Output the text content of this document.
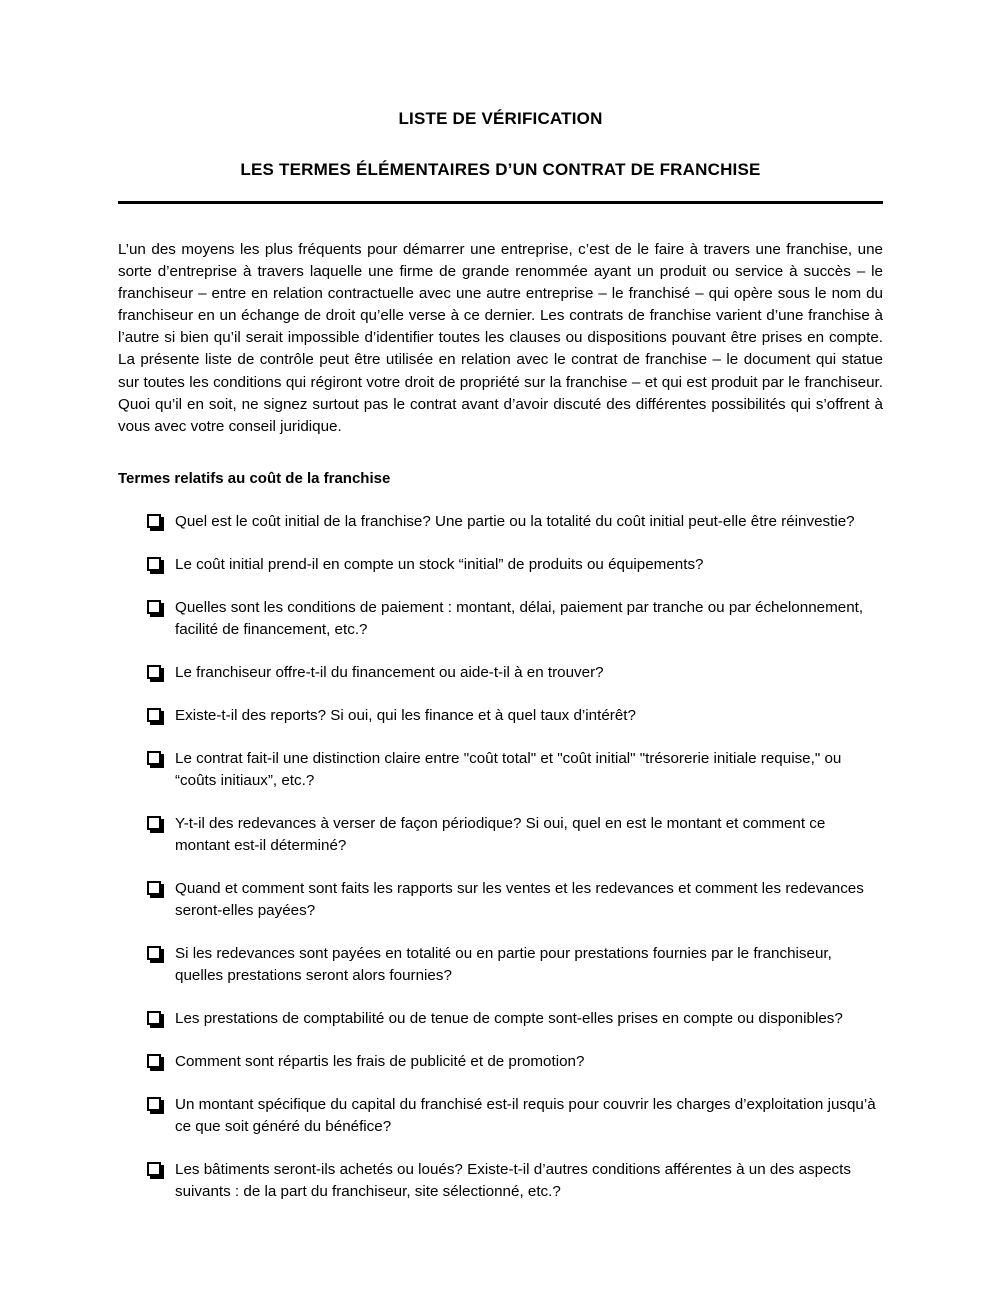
LISTE DE VÉRIFICATION
LES TERMES ÉLÉMENTAIRES D’UN CONTRAT DE FRANCHISE

L’un des moyens les plus fréquents pour démarrer une entreprise, c’est de le faire à travers une franchise, une sorte d’entreprise à travers laquelle une firme de grande renommée ayant un produit ou service à succès – le franchiseur – entre en relation contractuelle avec une autre entreprise – le franchisé – qui opère sous le nom du franchiseur en un échange de droit qu’elle verse à ce dernier. Les contrats de franchise varient d’une franchise à l’autre si bien qu’il serait impossible d’identifier toutes les clauses ou dispositions pouvant être prises en compte. La présente liste de contrôle peut être utilisée en relation avec le contrat de franchise – le document qui statue sur toutes les conditions qui régiront votre droit de propriété sur la franchise – et qui est produit par le franchiseur. Quoi qu’il en soit, ne signez surtout pas le contrat avant d’avoir discuté des différentes possibilités qui s’offrent à vous avec votre conseil juridique.

Termes relatifs au coût de la franchise
Quel est le coût initial de la franchise? Une partie ou la totalité du coût initial peut-elle être réinvestie?
Le coût initial prend-il en compte un stock “initial” de produits ou équipements?
Quelles sont les conditions de paiement : montant, délai, paiement par tranche ou par échelonnement, facilité de financement, etc.?
Le franchiseur offre-t-il du financement ou aide-t-il à en trouver?
Existe-t-il des reports? Si oui, qui les finance et à quel taux d’intérêt?
Le contrat fait-il une distinction claire entre "coût total" et "coût initial" "trésorerie initiale requise," ou “coûts initiaux”, etc.?
Y-t-il des redevances à verser de façon périodique? Si oui, quel en est le montant et comment ce montant est-il déterminé?
Quand et comment sont faits les rapports sur les ventes et les redevances et comment les redevances seront-elles payées?
Si les redevances sont payées en totalité ou en partie pour prestations fournies par le franchiseur, quelles prestations seront alors fournies?
Les prestations de comptabilité ou de tenue de compte sont-elles prises en compte ou disponibles?
Comment sont répartis les frais de publicité et de promotion?
Un montant spécifique du capital du franchisé est-il requis pour couvrir les charges d’exploitation jusqu’à ce que soit généré du bénéfice?
Les bâtiments seront-ils achetés ou loués? Existe-t-il d’autres conditions afférentes à un des aspects suivants : de la part du franchiseur, site sélectionné, etc.?
